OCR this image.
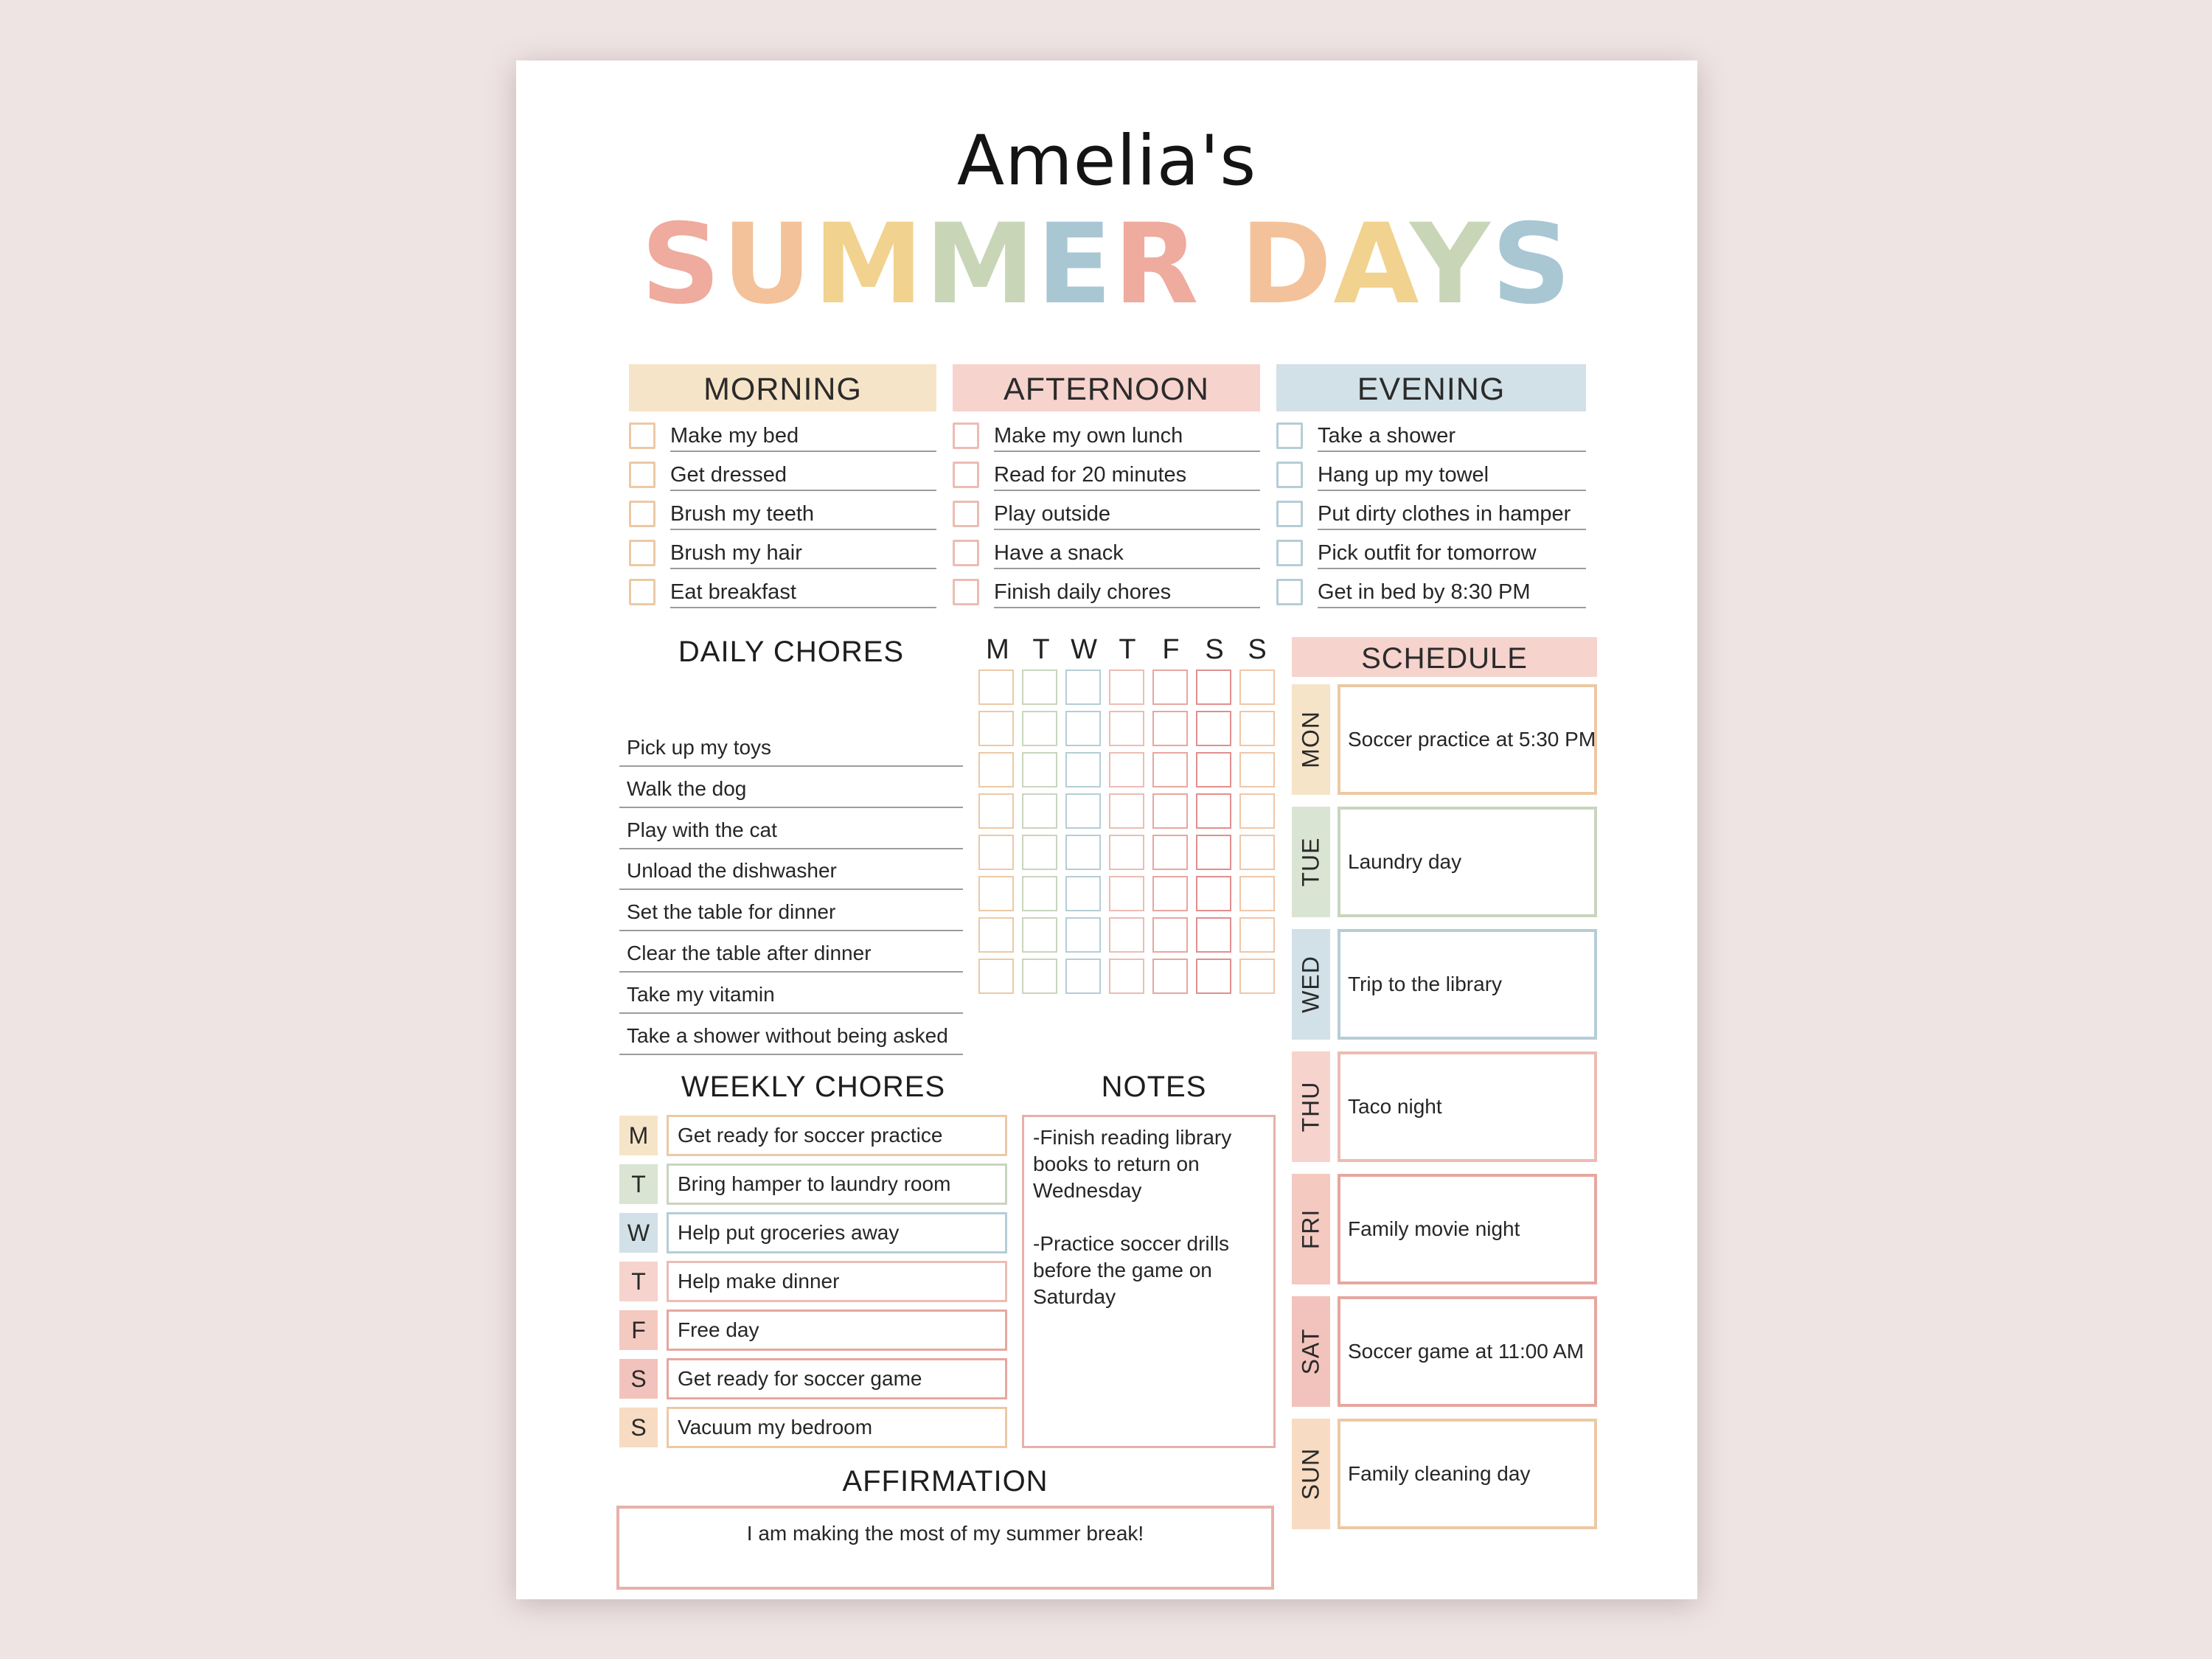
Amelia's
SUMMER DAYS
MORNING	AFTERNOON	EVENING
Make my bed
Get dressed
Brush my teeth
Brush my hair
Eat breakfast
Make my own lunch
Read for 20 minutes
Play outside
Have a snack
Finish daily chores
Take a shower
Hang up my towel
Put dirty clothes in hamper
Pick outfit for tomorrow
Get in bed by 8:30 PM
DAILY CHORES	M T W T F S S
Pick up my toys
Walk the dog
Play with the cat
Unload the dishwasher
Set the table for dinner
Clear the table after dinner
Take my vitamin
Take a shower without being asked
WEEKLY CHORES
M	Get ready for soccer practice
T	Bring hamper to laundry room
W	Help put groceries away
T	Help make dinner
F	Free day
S	Get ready for soccer game
S	Vacuum my bedroom
NOTES
-Finish reading library
books to return on
Wednesday
-Practice soccer drills
before the game on
Saturday
AFFIRMATION
I am making the most of my summer break!
SCHEDULE
MON Soccer practice at 5:30 PM
TUE Laundry day
WED Trip to the library
THU Taco night
FRI Family movie night
SAT Soccer game at 11:00 AM
SUN Family cleaning day
